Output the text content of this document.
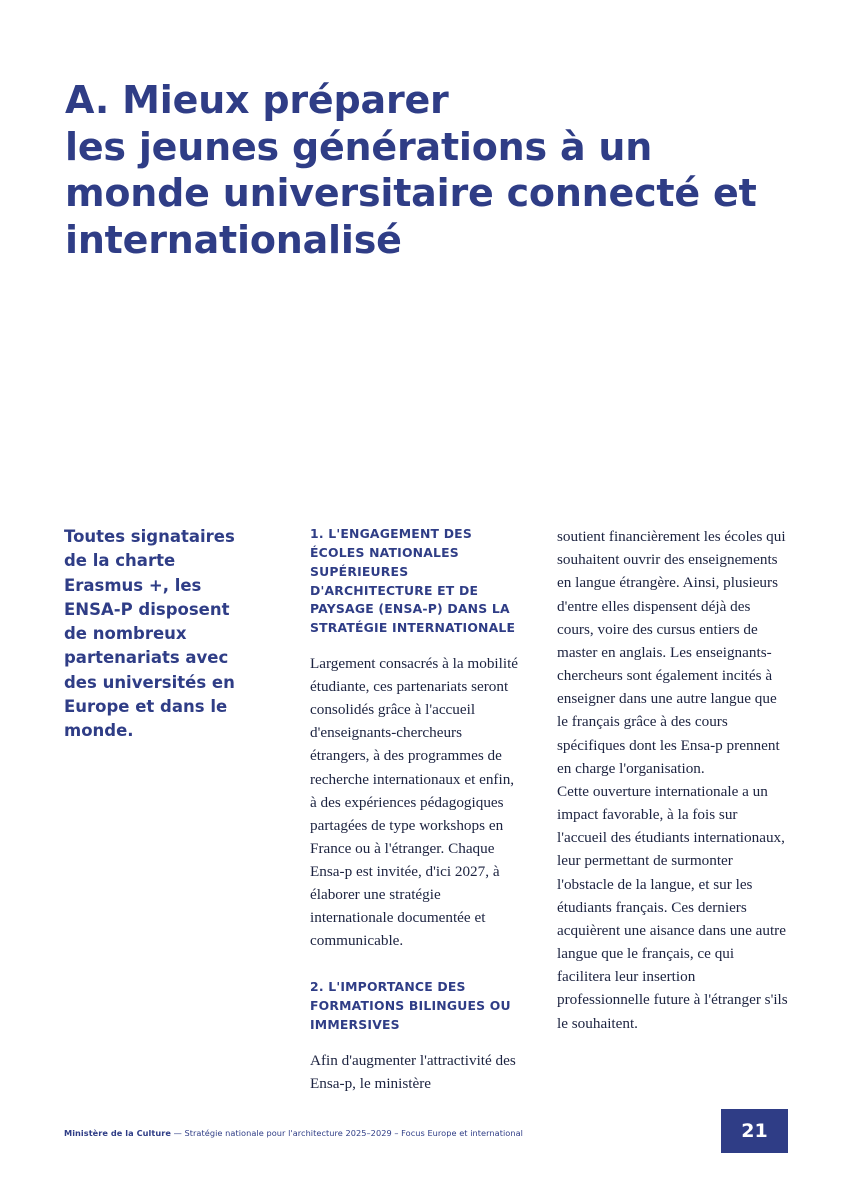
A. Mieux préparer
les jeunes générations à un
monde universitaire connecté et
internationalisé

Toutes signataires de la charte Erasmus +, les ENSA-P disposent de nombreux partenariats avec des universités en Europe et dans le monde.

1. L'ENGAGEMENT DES ÉCOLES NATIONALES SUPÉRIEURES D'ARCHITECTURE ET DE PAYSAGE (ENSA-P) DANS LA STRATÉGIE INTERNATIONALE

Largement consacrés à la mobilité étudiante, ces partenariats seront consolidés grâce à l'accueil d'enseignants-chercheurs étrangers, à des programmes de recherche internationaux et enfin, à des expériences pédagogiques partagées de type workshops en France ou à l'étranger. Chaque Ensa-p est invitée, d'ici 2027, à élaborer une stratégie internationale documentée et communicable.

2. L'IMPORTANCE DES FORMATIONS BILINGUES OU IMMERSIVES

Afin d'augmenter l'attractivité des Ensa-p, le ministère

soutient financièrement les écoles qui souhaitent ouvrir des enseignements en langue étrangère. Ainsi, plusieurs d'entre elles dispensent déjà des cours, voire des cursus entiers de master en anglais. Les enseignants-chercheurs sont également incités à enseigner dans une autre langue que le français grâce à des cours spécifiques dont les Ensa-p prennent en charge l'organisation.

Cette ouverture internationale a un impact favorable, à la fois sur l'accueil des étudiants internationaux, leur permettant de surmonter l'obstacle de la langue, et sur les étudiants français. Ces derniers acquièrent une aisance dans une autre langue que le français, ce qui facilitera leur insertion professionnelle future à l'étranger s'ils le souhaitent.

Ministère de la Culture — Stratégie nationale pour l'architecture 2025–2029 – Focus Europe et international	21
